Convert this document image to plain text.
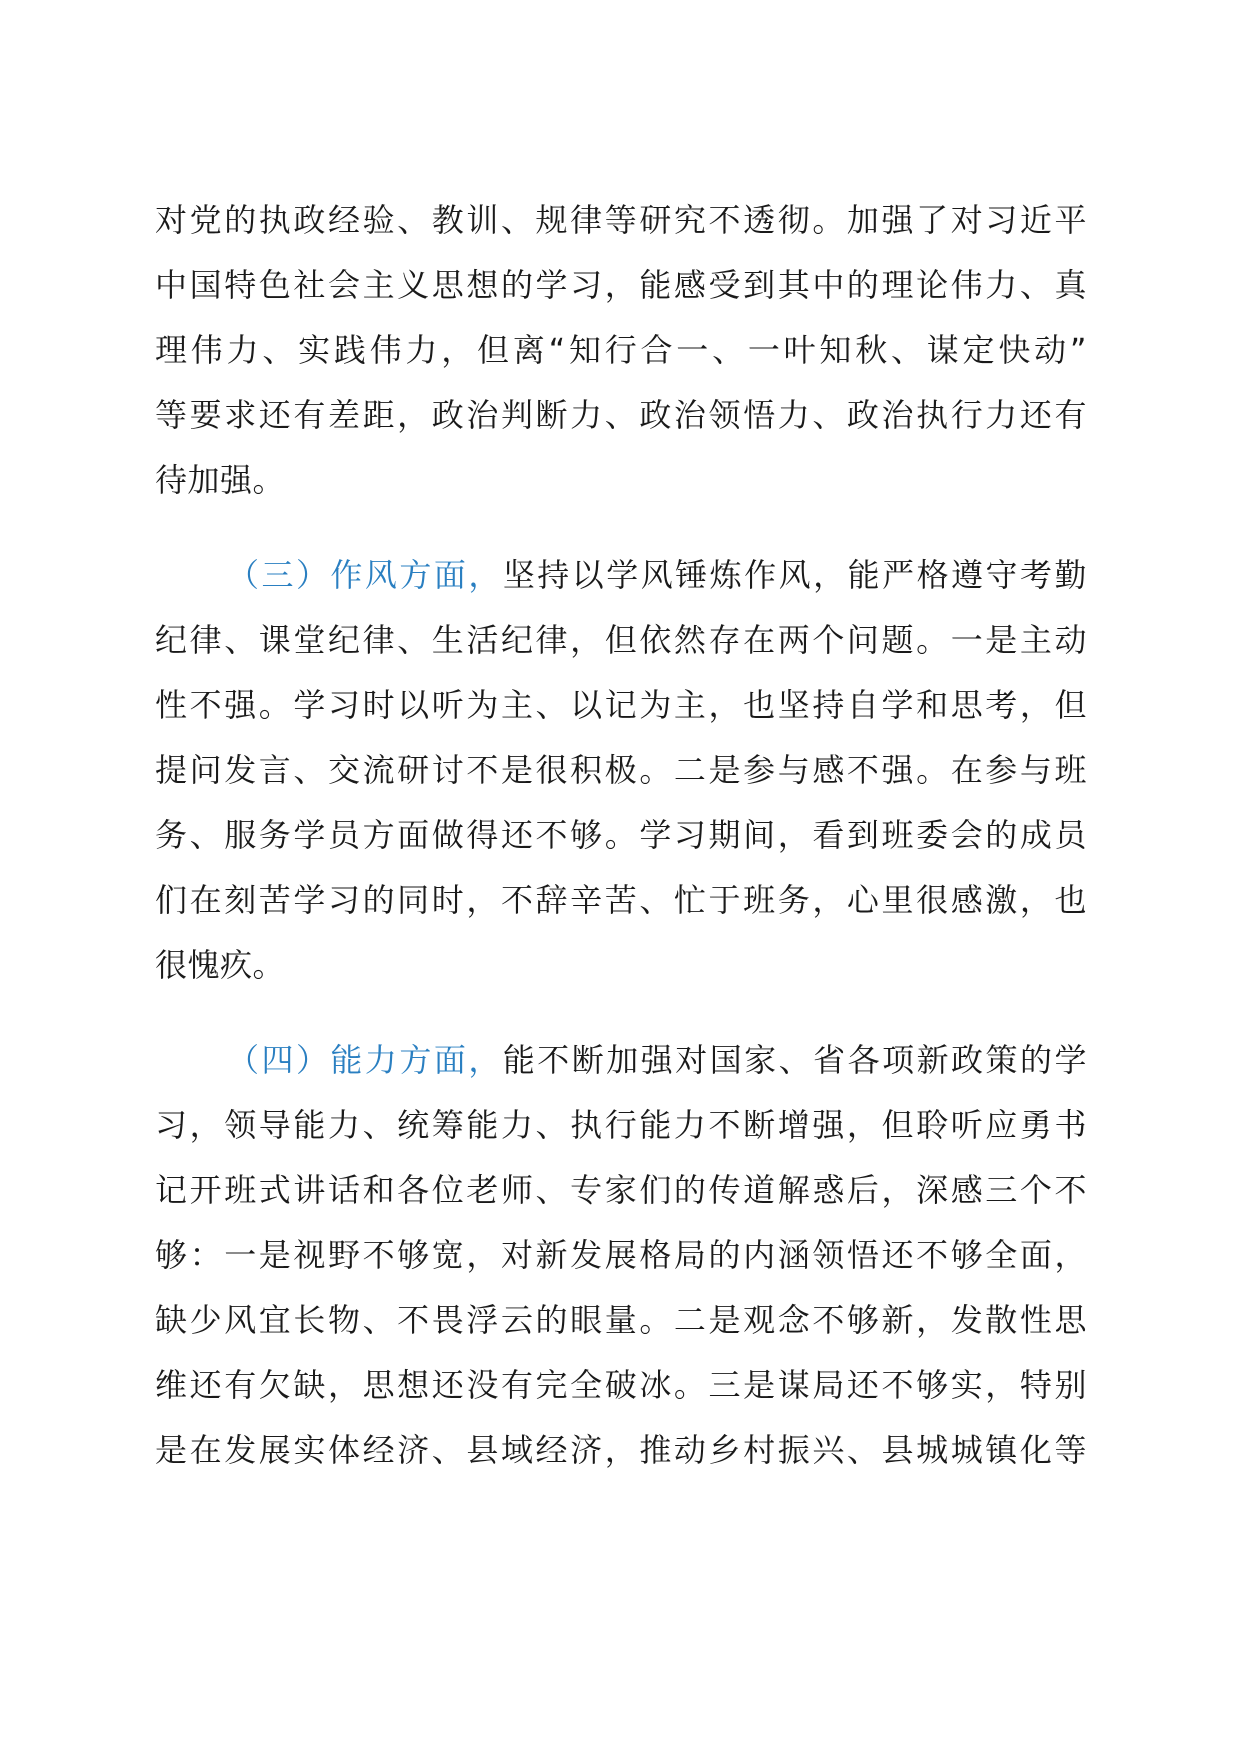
对党的执政经验、教训、规律等研究不透彻。加强了对习近平
中国特色社会主义思想的学习，能感受到其中的理论伟力、真
理伟力、实践伟力，但离“知行合一、一叶知秋、谋定快动”
等要求还有差距，政治判断力、政治领悟力、政治执行力还有
待加强。
（三）作风方面，坚持以学风锤炼作风，能严格遵守考勤
纪律、课堂纪律、生活纪律，但依然存在两个问题。一是主动
性不强。学习时以听为主、以记为主，也坚持自学和思考，但
提问发言、交流研讨不是很积极。二是参与感不强。在参与班
务、服务学员方面做得还不够。学习期间，看到班委会的成员
们在刻苦学习的同时，不辞辛苦、忙于班务，心里很感激，也
很愧疚。
（四）能力方面，能不断加强对国家、省各项新政策的学
习，领导能力、统筹能力、执行能力不断增强，但聆听应勇书
记开班式讲话和各位老师、专家们的传道解惑后，深感三个不
够：一是视野不够宽，对新发展格局的内涵领悟还不够全面，
缺少风宜长物、不畏浮云的眼量。二是观念不够新，发散性思
维还有欠缺，思想还没有完全破冰。三是谋局还不够实，特别
是在发展实体经济、县域经济，推动乡村振兴、县城城镇化等
